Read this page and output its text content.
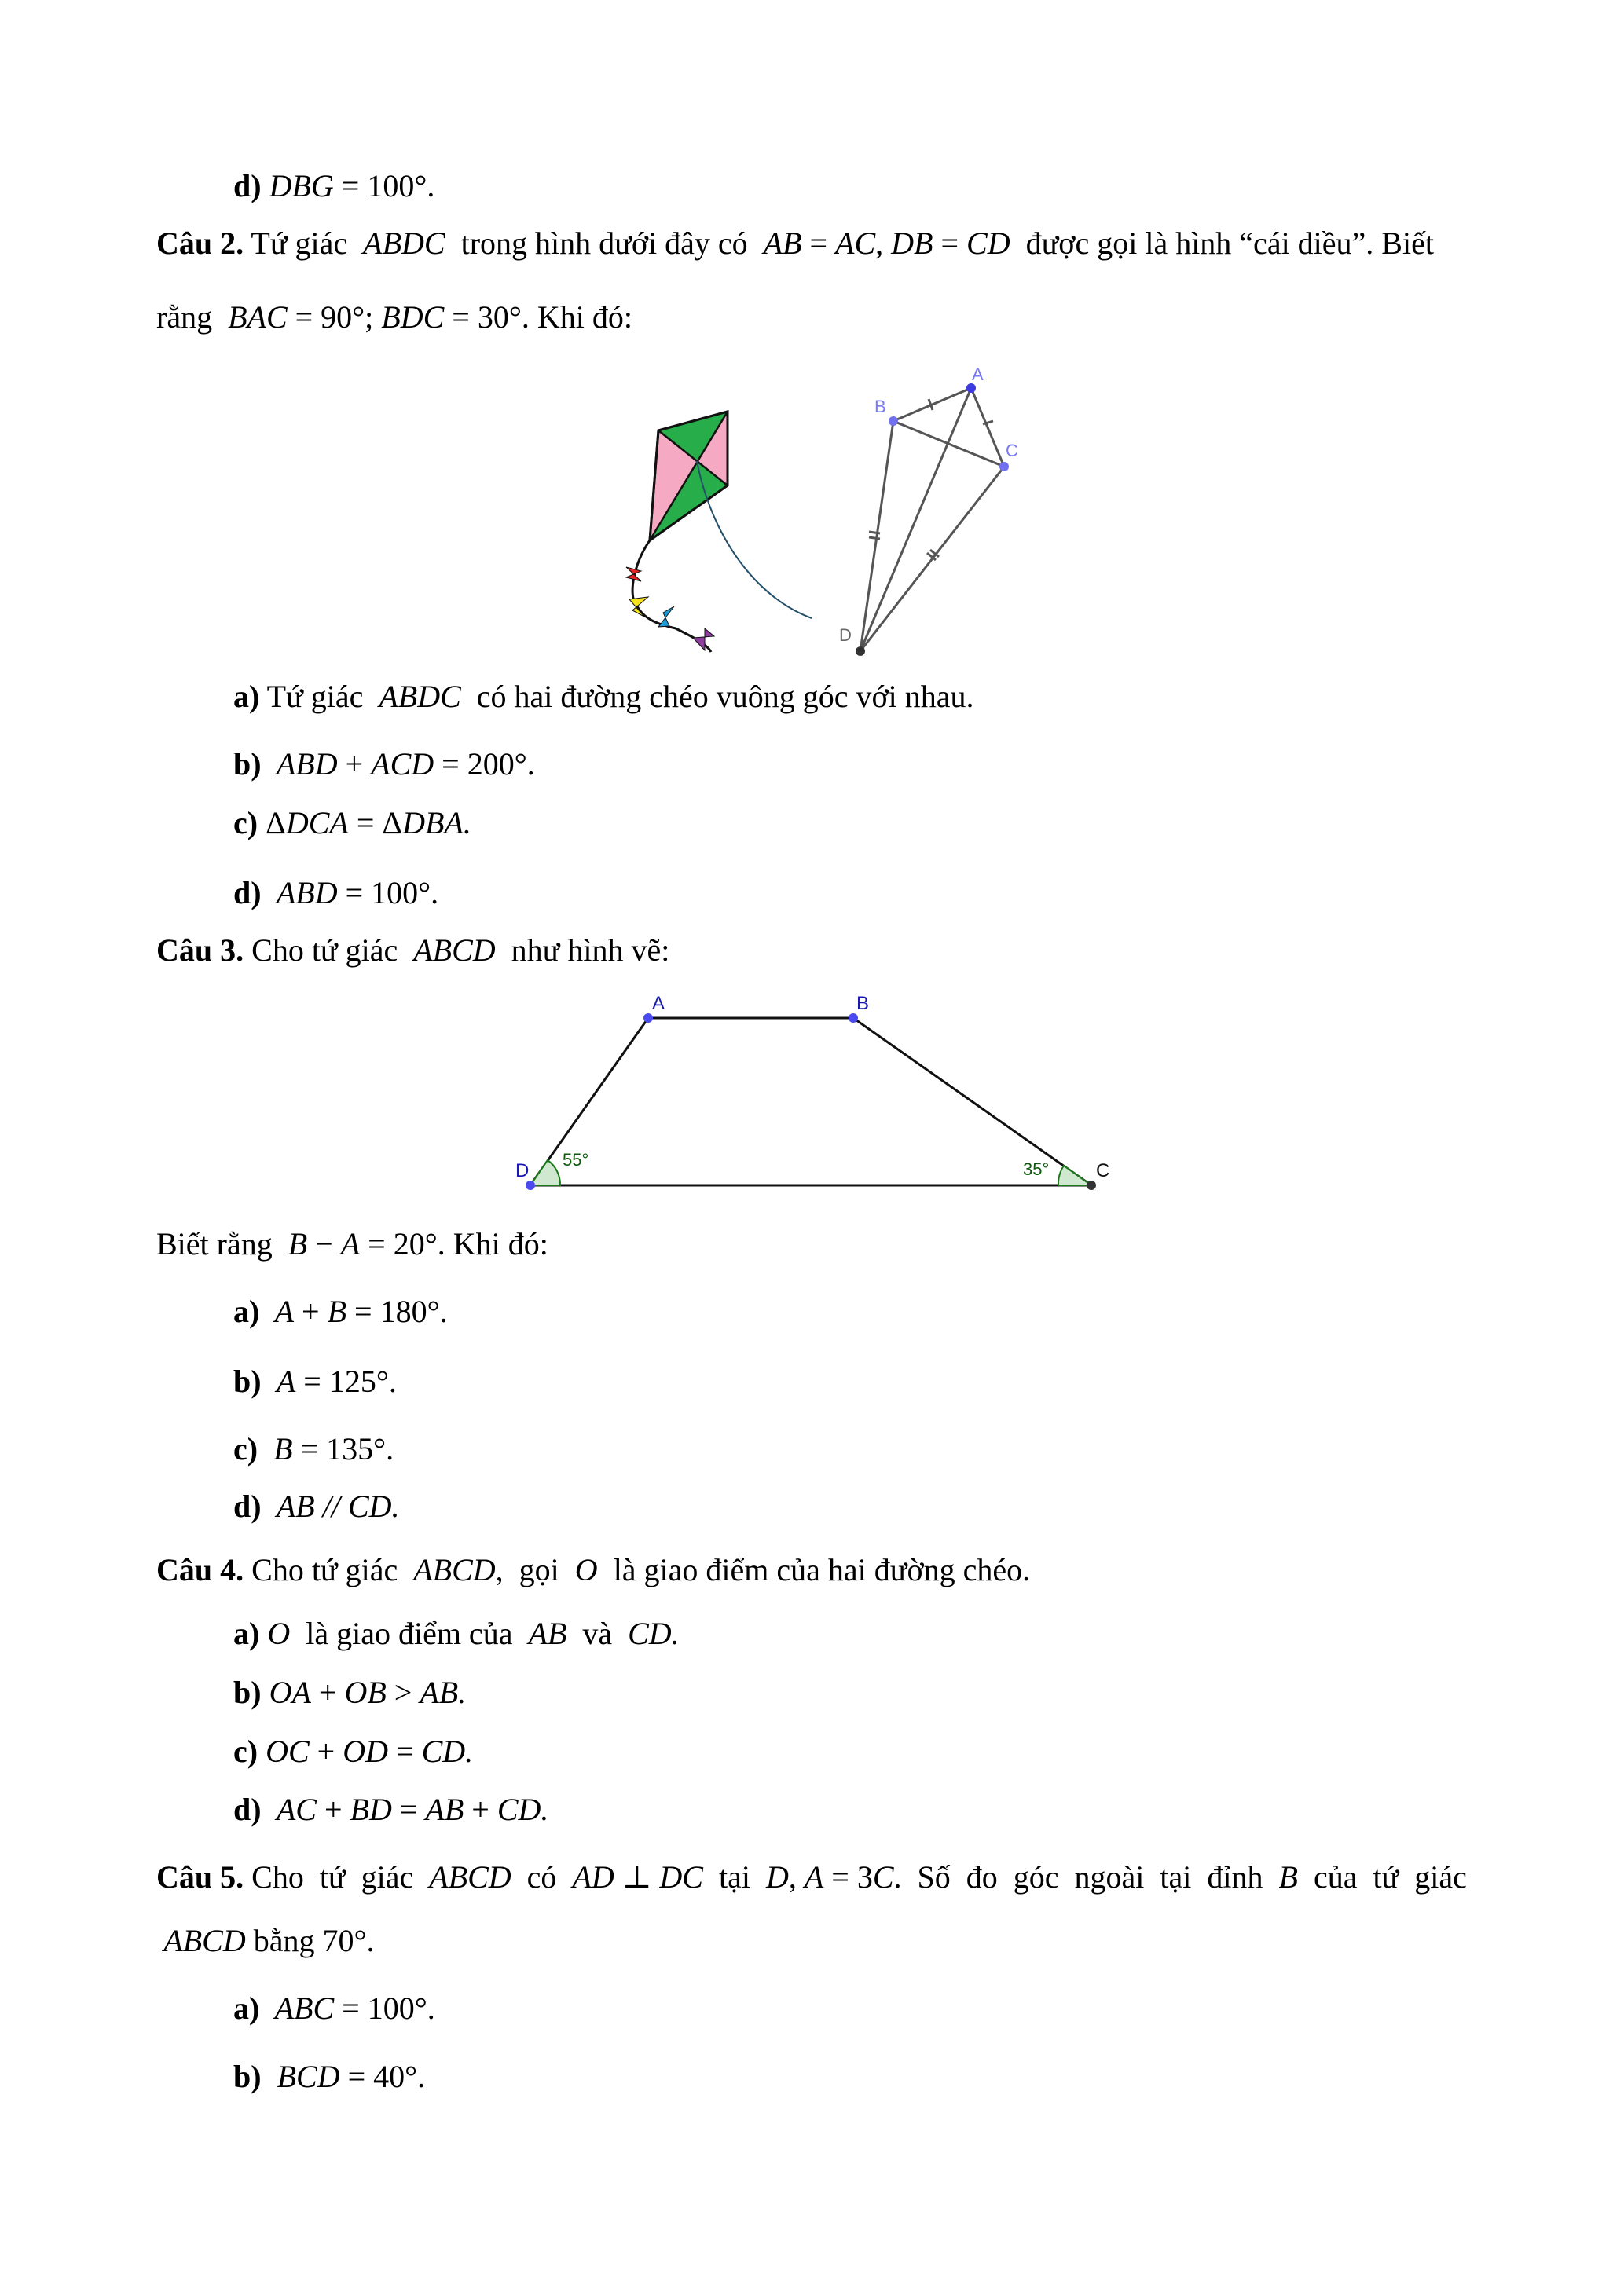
d) DBG = 100°.
Câu 2. Tứ giác  ABDC  trong hình dưới đây có  AB = AC, DB = CD  được gọi là hình “cái diều”. Biết
rằng  BAC = 90°; BDC = 30°. Khi đó:
a) Tứ giác  ABDC  có hai đường chéo vuông góc với nhau.
b)  ABD + ACD = 200°.
c) ΔDCA = ΔDBA.
d)  ABD = 100°.
Câu 3. Cho tứ giác  ABCD  như hình vẽ:
Biết rằng  B − A = 20°. Khi đó:
a)  A + B = 180°.
b)  A = 125°.
c)  B = 135°.
d)  AB // CD.
Câu 4. Cho tứ giác  ABCD,  gọi  O  là giao điểm của hai đường chéo.
a) O  là giao điểm của  AB  và  CD.
b) OA + OB > AB.
c) OC + OD = CD.
d)  AC + BD = AB + CD.
Câu 5. Cho  tứ  giác  ABCD  có  AD ⊥ DC  tại  D, A = 3C.  Số  đo  góc  ngoài  tại  đỉnh  B  của  tứ  giác
ABCD bằng 70°.
a)  ABC = 100°.
b)  BCD = 40°.
A
B
C
D
A	B
C
D
55°	35°
